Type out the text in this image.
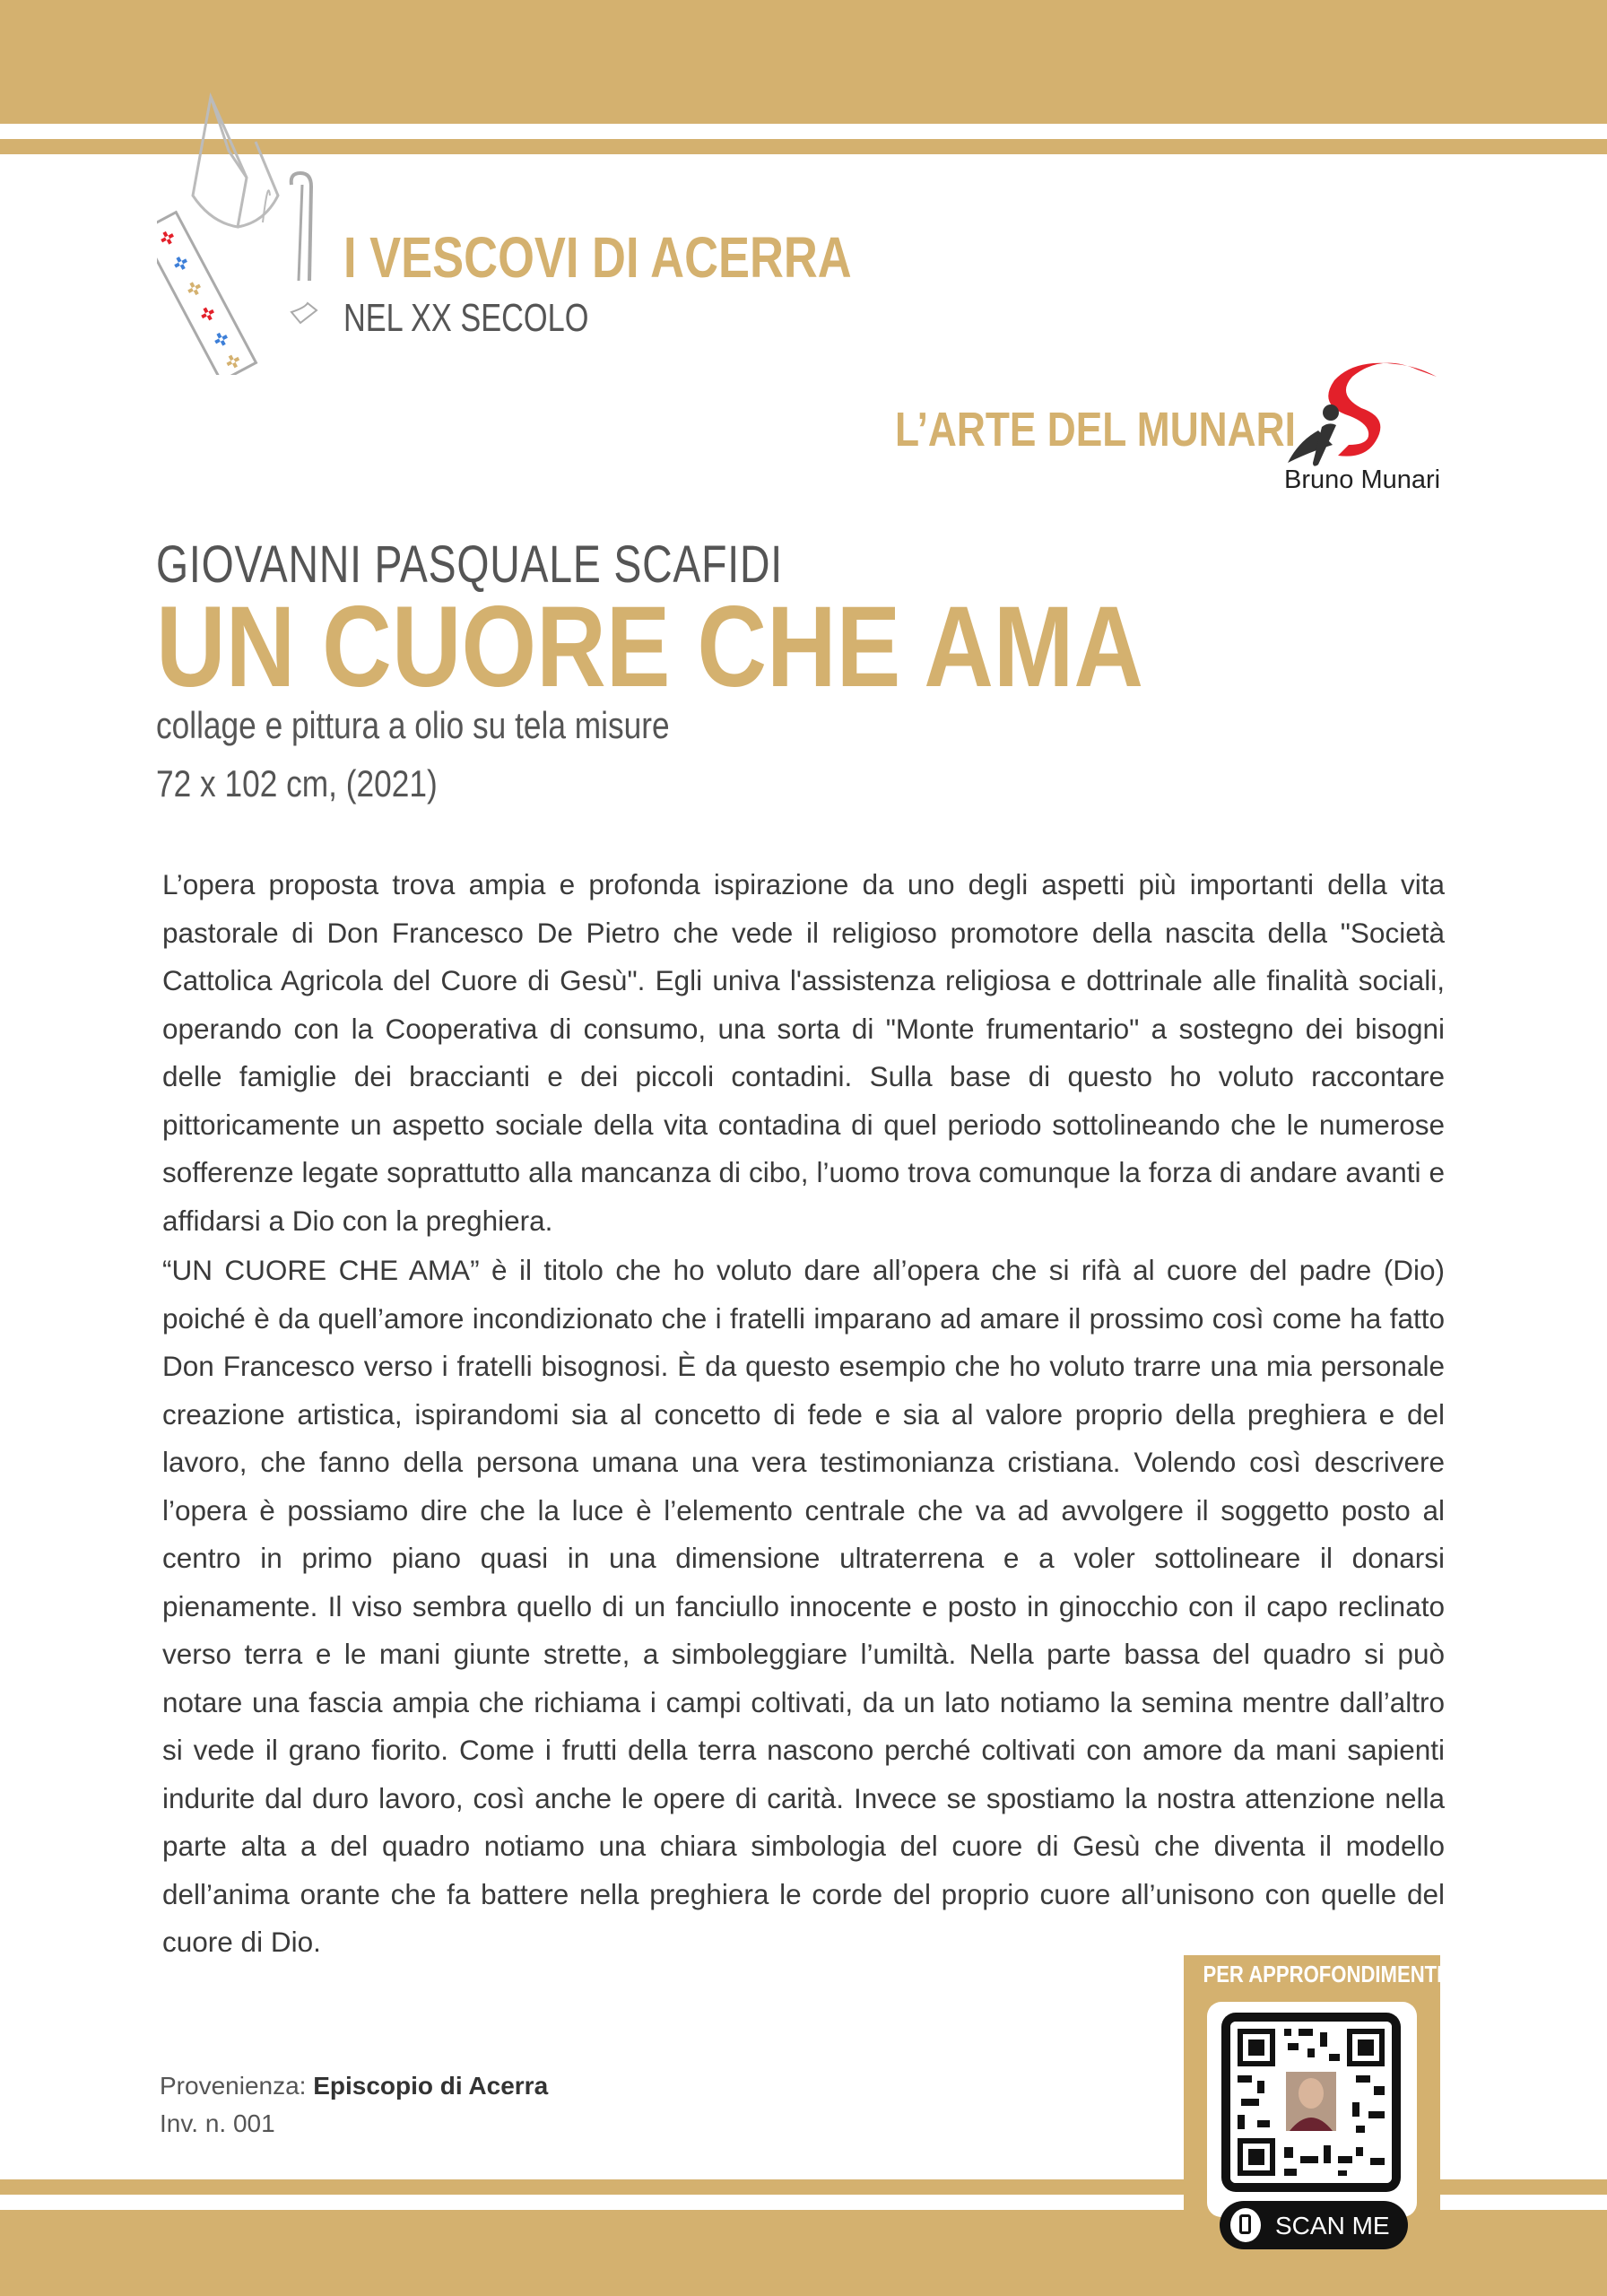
✜
✜
✜
✜
✜
✜
I VESCOVI DI ACERRA
NEL XX SECOLO
L’ARTE DEL MUNARI
Bruno Munari
GIOVANNI PASQUALE SCAFIDI
UN CUORE CHE AMA
collage e pittura a olio su tela misure
72 x 102 cm, (2021)
L’opera proposta trova ampia e profonda ispirazione da uno degli aspetti più importanti della vita pastorale di Don Francesco De Pietro che vede il religioso promotore della nascita della "Società Cattolica Agricola del Cuore di Gesù". Egli univa l'assistenza religiosa e dottrinale alle finalità sociali, operando con la Cooperativa di consumo, una sorta di "Monte frumentario" a sostegno dei bisogni delle famiglie dei braccianti e dei piccoli contadini. Sulla base di questo ho voluto raccontare pittoricamente un aspetto sociale della vita contadina di quel periodo sottolineando che le numerose sofferenze legate soprattutto alla mancanza di cibo, l’uomo trova comunque la forza di andare avanti e affidarsi a Dio con la preghiera.
“UN CUORE CHE AMA” è il titolo che ho voluto dare all’opera che si rifà al cuore del padre (Dio) poiché è da quell’amore incondizionato che i fratelli imparano ad amare il prossimo così come ha fatto Don Francesco verso i fratelli bisognosi. È da questo esempio che ho voluto trarre una mia personale creazione artistica, ispirandomi sia al concetto di fede e sia al valore proprio della preghiera e del lavoro, che fanno della persona umana una vera testimonianza cristiana. Volendo così descrivere l’opera è possiamo dire che la luce è l’elemento centrale che va ad avvolgere il soggetto posto al centro in primo piano quasi in una dimensione ultraterrena e a voler sottolineare il donarsi pienamente. Il viso sembra quello di un fanciullo innocente e posto in ginocchio con il capo reclinato verso terra e le mani giunte strette, a simboleggiare l’umiltà. Nella parte bassa del quadro si può notare una fascia ampia che richiama i campi coltivati, da un lato notiamo la semina mentre dall’altro si vede il grano fiorito. Come i frutti della terra nascono perché coltivati con amore da mani sapienti indurite dal duro lavoro, così anche le opere di carità. Invece se spostiamo la nostra attenzione nella parte alta a del quadro notiamo una chiara simbologia del cuore di Gesù che diventa il modello dell’anima orante che fa battere nella preghiera le corde del proprio cuore all’unisono con quelle del cuore di Dio.
Provenienza: Episcopio di Acerra
Inv. n. 001
PER APPROFONDIMENTI
SCAN ME
